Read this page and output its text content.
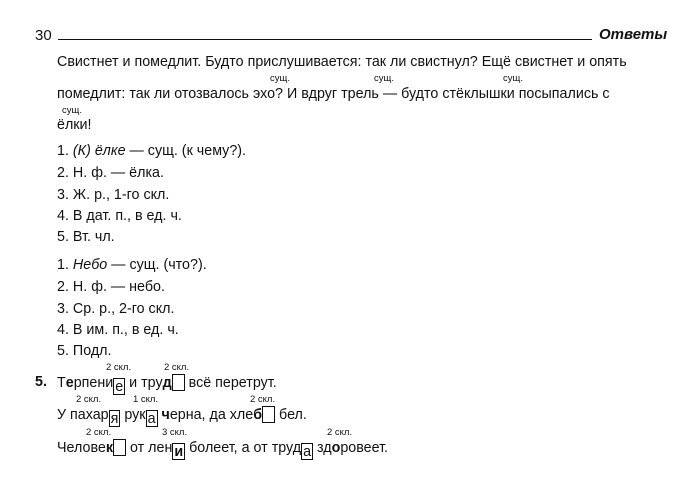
30	Ответы
Свистнет и помедлит. Будто прислушивается: так ли свистнул? Ещё свистнет и опять
сущ.	сущ.	сущ.
помедлит: так ли отозвалось эхо? И вдруг трель — будто стёклышки посыпались с
сущ.
ёлки!
1. (К) ёлке — сущ. (к чему?).
2. Н. ф. — ёлка.
3. Ж. р., 1-го скл.
4. В дат. п., в ед. ч.
5. Вт. чл.
1. Небо — сущ. (что?).
2. Н. ф. — небо.
3. Ср. р., 2-го скл.
4. В им. п., в ед. ч.
5. Подл.
5.
2 скл.	2 скл.
Терпени е и труд всё перетрут.
2 скл.	1 скл.	2 скл.
У пахар я рук а черна, да хлеб бел.
2 скл.	3 скл.	2 скл.
Человек от лен и болеет, а от труд а здоровеет.
